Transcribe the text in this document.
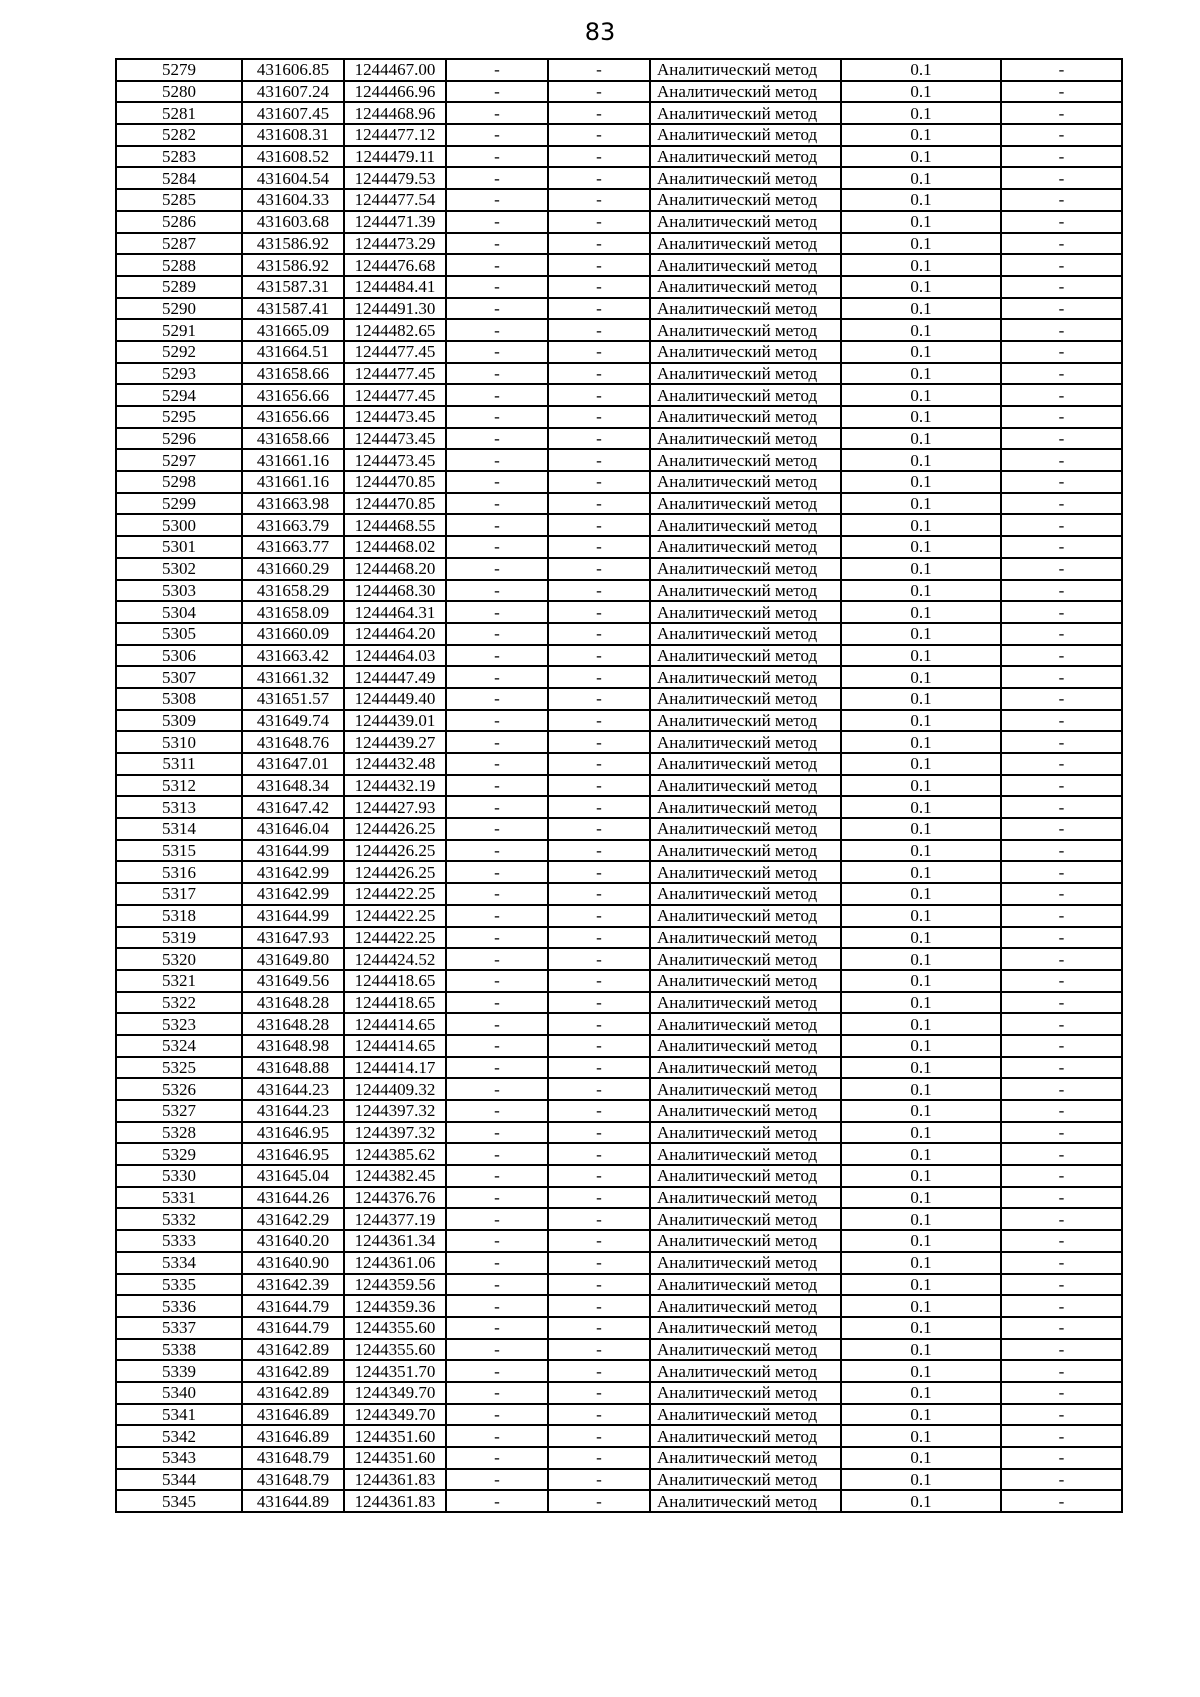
83
5279	431606.85	1244467.00	-	-	Аналитический метод	0.1	-
5280	431607.24	1244466.96	-	-	Аналитический метод	0.1	-
5281	431607.45	1244468.96	-	-	Аналитический метод	0.1	-
5282	431608.31	1244477.12	-	-	Аналитический метод	0.1	-
5283	431608.52	1244479.11	-	-	Аналитический метод	0.1	-
5284	431604.54	1244479.53	-	-	Аналитический метод	0.1	-
5285	431604.33	1244477.54	-	-	Аналитический метод	0.1	-
5286	431603.68	1244471.39	-	-	Аналитический метод	0.1	-
5287	431586.92	1244473.29	-	-	Аналитический метод	0.1	-
5288	431586.92	1244476.68	-	-	Аналитический метод	0.1	-
5289	431587.31	1244484.41	-	-	Аналитический метод	0.1	-
5290	431587.41	1244491.30	-	-	Аналитический метод	0.1	-
5291	431665.09	1244482.65	-	-	Аналитический метод	0.1	-
5292	431664.51	1244477.45	-	-	Аналитический метод	0.1	-
5293	431658.66	1244477.45	-	-	Аналитический метод	0.1	-
5294	431656.66	1244477.45	-	-	Аналитический метод	0.1	-
5295	431656.66	1244473.45	-	-	Аналитический метод	0.1	-
5296	431658.66	1244473.45	-	-	Аналитический метод	0.1	-
5297	431661.16	1244473.45	-	-	Аналитический метод	0.1	-
5298	431661.16	1244470.85	-	-	Аналитический метод	0.1	-
5299	431663.98	1244470.85	-	-	Аналитический метод	0.1	-
5300	431663.79	1244468.55	-	-	Аналитический метод	0.1	-
5301	431663.77	1244468.02	-	-	Аналитический метод	0.1	-
5302	431660.29	1244468.20	-	-	Аналитический метод	0.1	-
5303	431658.29	1244468.30	-	-	Аналитический метод	0.1	-
5304	431658.09	1244464.31	-	-	Аналитический метод	0.1	-
5305	431660.09	1244464.20	-	-	Аналитический метод	0.1	-
5306	431663.42	1244464.03	-	-	Аналитический метод	0.1	-
5307	431661.32	1244447.49	-	-	Аналитический метод	0.1	-
5308	431651.57	1244449.40	-	-	Аналитический метод	0.1	-
5309	431649.74	1244439.01	-	-	Аналитический метод	0.1	-
5310	431648.76	1244439.27	-	-	Аналитический метод	0.1	-
5311	431647.01	1244432.48	-	-	Аналитический метод	0.1	-
5312	431648.34	1244432.19	-	-	Аналитический метод	0.1	-
5313	431647.42	1244427.93	-	-	Аналитический метод	0.1	-
5314	431646.04	1244426.25	-	-	Аналитический метод	0.1	-
5315	431644.99	1244426.25	-	-	Аналитический метод	0.1	-
5316	431642.99	1244426.25	-	-	Аналитический метод	0.1	-
5317	431642.99	1244422.25	-	-	Аналитический метод	0.1	-
5318	431644.99	1244422.25	-	-	Аналитический метод	0.1	-
5319	431647.93	1244422.25	-	-	Аналитический метод	0.1	-
5320	431649.80	1244424.52	-	-	Аналитический метод	0.1	-
5321	431649.56	1244418.65	-	-	Аналитический метод	0.1	-
5322	431648.28	1244418.65	-	-	Аналитический метод	0.1	-
5323	431648.28	1244414.65	-	-	Аналитический метод	0.1	-
5324	431648.98	1244414.65	-	-	Аналитический метод	0.1	-
5325	431648.88	1244414.17	-	-	Аналитический метод	0.1	-
5326	431644.23	1244409.32	-	-	Аналитический метод	0.1	-
5327	431644.23	1244397.32	-	-	Аналитический метод	0.1	-
5328	431646.95	1244397.32	-	-	Аналитический метод	0.1	-
5329	431646.95	1244385.62	-	-	Аналитический метод	0.1	-
5330	431645.04	1244382.45	-	-	Аналитический метод	0.1	-
5331	431644.26	1244376.76	-	-	Аналитический метод	0.1	-
5332	431642.29	1244377.19	-	-	Аналитический метод	0.1	-
5333	431640.20	1244361.34	-	-	Аналитический метод	0.1	-
5334	431640.90	1244361.06	-	-	Аналитический метод	0.1	-
5335	431642.39	1244359.56	-	-	Аналитический метод	0.1	-
5336	431644.79	1244359.36	-	-	Аналитический метод	0.1	-
5337	431644.79	1244355.60	-	-	Аналитический метод	0.1	-
5338	431642.89	1244355.60	-	-	Аналитический метод	0.1	-
5339	431642.89	1244351.70	-	-	Аналитический метод	0.1	-
5340	431642.89	1244349.70	-	-	Аналитический метод	0.1	-
5341	431646.89	1244349.70	-	-	Аналитический метод	0.1	-
5342	431646.89	1244351.60	-	-	Аналитический метод	0.1	-
5343	431648.79	1244351.60	-	-	Аналитический метод	0.1	-
5344	431648.79	1244361.83	-	-	Аналитический метод	0.1	-
5345	431644.89	1244361.83	-	-	Аналитический метод	0.1	-
